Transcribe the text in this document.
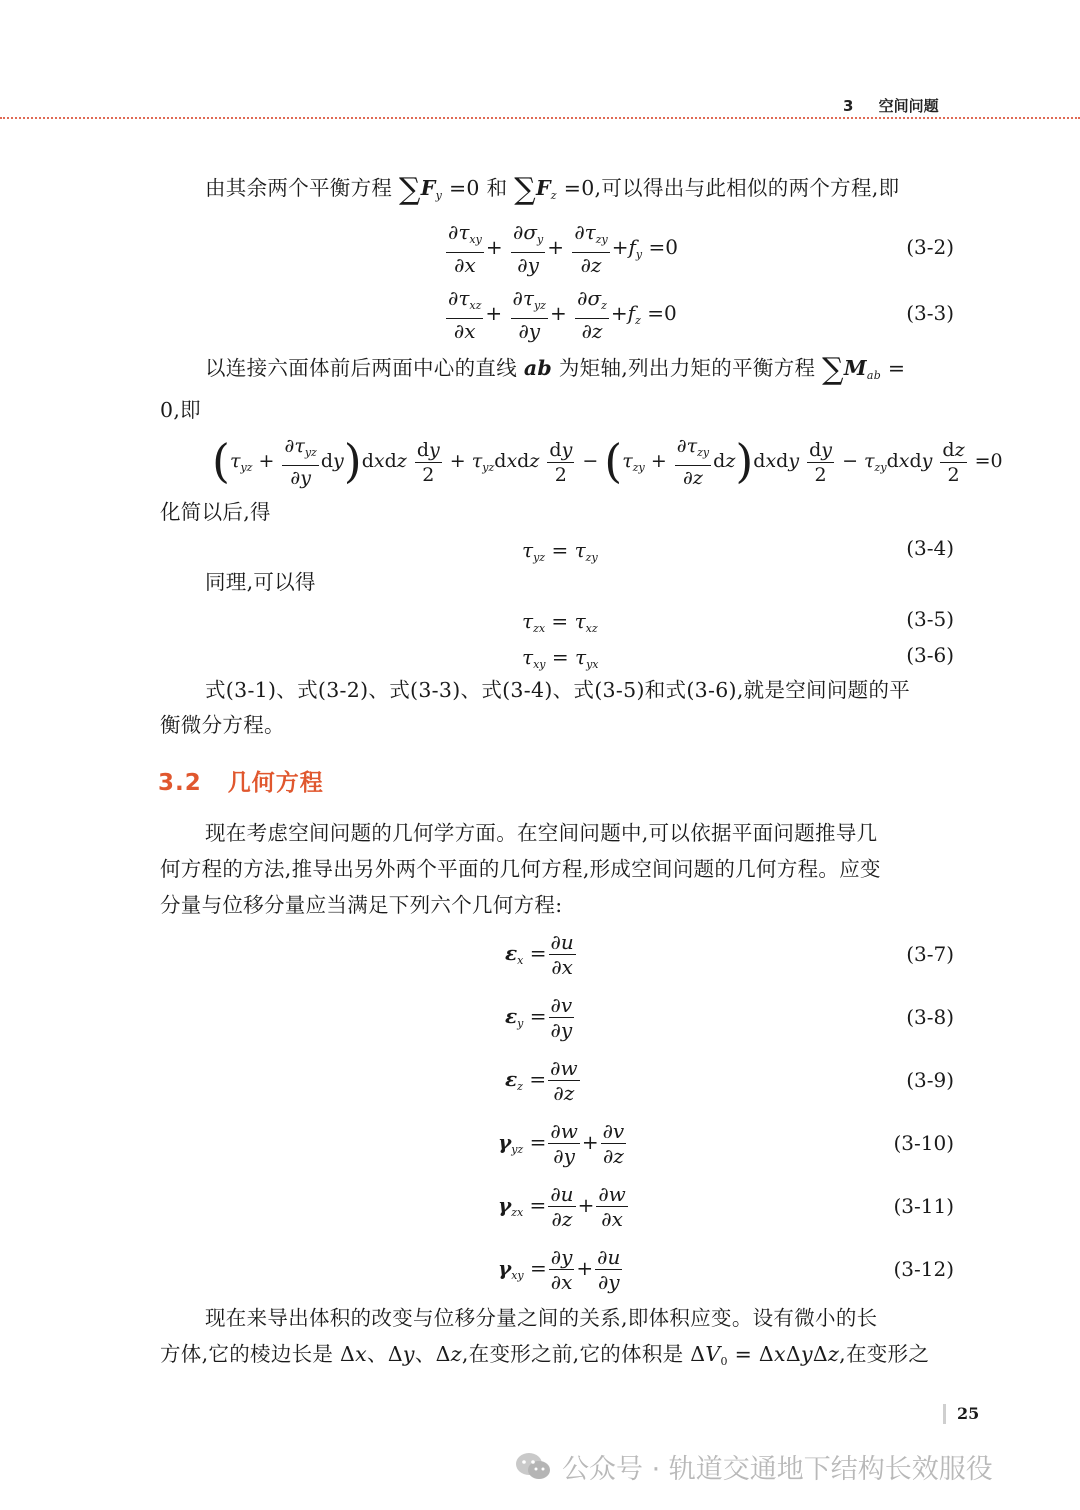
3 空间问题
由其余两个平衡方程 $\sum F_y =0$ 和 $\sum F_z =0$,可以得出与此相似的两个方程,即
$\frac{\partial\tau_{xy}}{\partial x} + \frac{\partial\sigma_y}{\partial y} + \frac{\partial\tau_{zy}}{\partial z} +f_y =0$	(3-2)
$\frac{\partial\tau_{xz}}{\partial x} + \frac{\partial\tau_{yz}}{\partial y} + \frac{\partial\sigma_z}{\partial z} +f_z =0$	(3-3)
以连接六面体前后两面中心的直线 ab 为矩轴,列出力矩的平衡方程 $\sum M_{ab}$ =
0,即
($\tau_{yz} + \frac{\partial\tau_{yz}}{\partial y}$ dy)dxdz $\frac{dy}{2}$ + $\tau_{yz}dxdz \frac{dy}{2} - (\tau_{zy} + \frac{\partial\tau_{zy}}{\partial z}$ dz)dxdy $\frac{dy}{2}$ − $\tau_{zy}dxdy \frac{dz}{2} =0$
化简以后,得
$\tau_{yz} = \tau_{zy}$	(3-4)
同理,可以得
$\tau_{zx} = \tau_{xz}$	(3-5)
$\tau_{xy} = \tau_{yx}$	(3-6)
式(3-1)、式(3-2)、式(3-3)、式(3-4)、式(3-5)和式(3-6),就是空间问题的平
衡微分方程。
3.2 几何方程
现在考虑空间问题的几何学方面。在空间问题中,可以依据平面问题推导几
何方程的方法,推导出另外两个平面的几何方程,形成空间问题的几何方程。应变
分量与位移分量应当满足下列六个几何方程:
$\varepsilon_x = \frac{\partial u}{\partial x}$	(3-7)
$\varepsilon_y = \frac{\partial v}{\partial y}$	(3-8)
$\varepsilon_z = \frac{\partial w}{\partial z}$	(3-9)
$\gamma_{yz} = \frac{\partial w}{\partial y} + \frac{\partial v}{\partial z}$	(3-10)
$\gamma_{zx} = \frac{\partial u}{\partial z} + \frac{\partial w}{\partial x}$	(3-11)
$\gamma_{xy} = \frac{\partial y}{\partial x} + \frac{\partial u}{\partial y}$	(3-12)
现在来导出体积的改变与位移分量之间的关系,即体积应变。设有微小的长
方体,它的棱边长是 Δx、Δy、Δz,在变形之前,它的体积是 $\Delta V_0 = \Delta x\Delta y\Delta z$,在变形之
25
公众号 · 轨道交通地下结构长效服役
